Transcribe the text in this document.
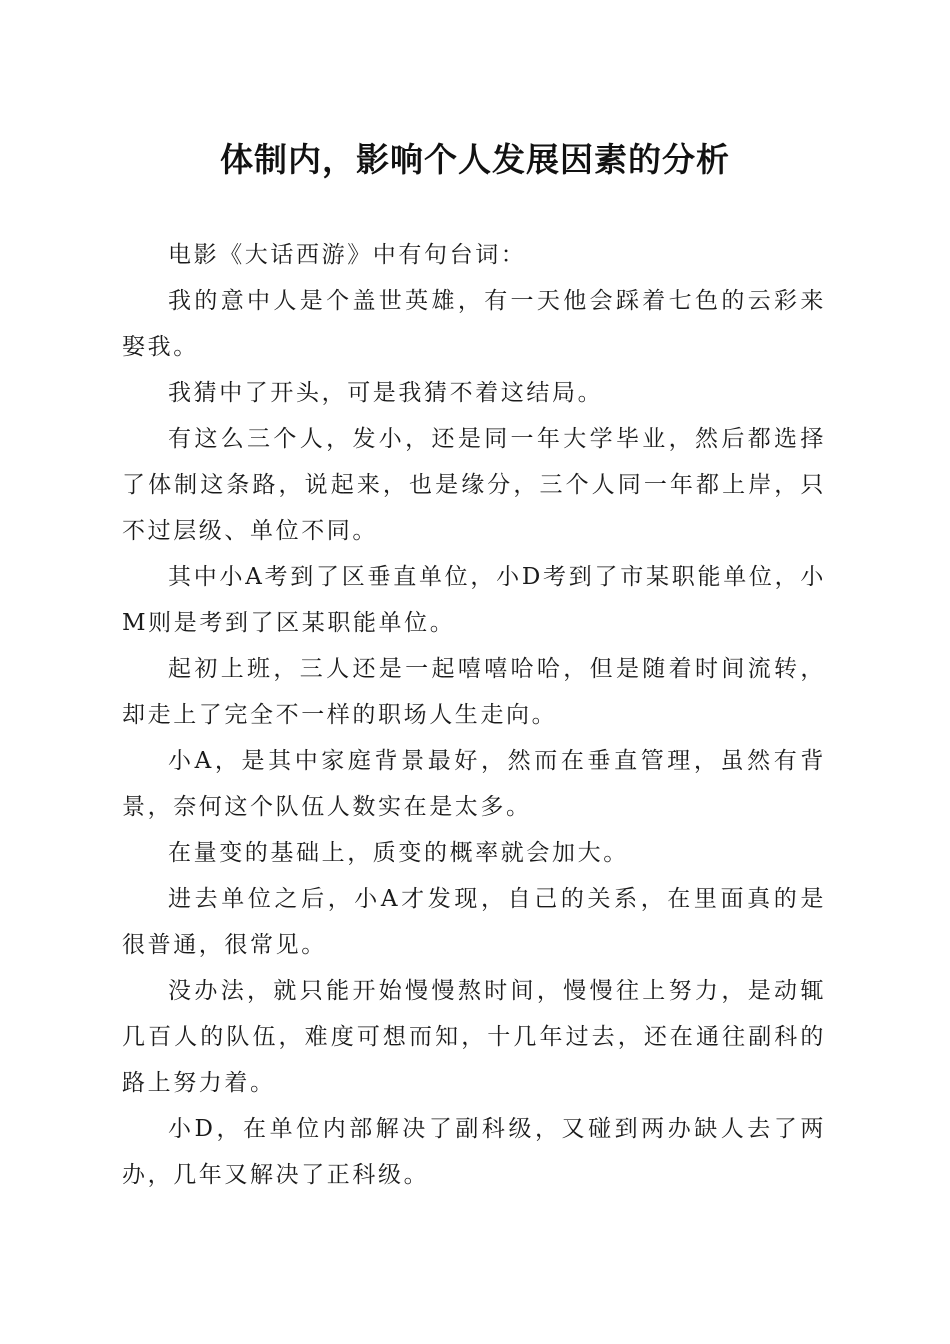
体制内，影响个人发展因素的分析

电影《大话西游》中有句台词：

我的意中人是个盖世英雄，有一天他会踩着七色的云彩来娶我。

我猜中了开头，可是我猜不着这结局。

有这么三个人，发小，还是同一年大学毕业，然后都选择了体制这条路，说起来，也是缘分，三个人同一年都上岸，只不过层级、单位不同。

其中小A考到了区垂直单位，小D考到了市某职能单位，小M则是考到了区某职能单位。

起初上班，三人还是一起嘻嘻哈哈，但是随着时间流转，却走上了完全不一样的职场人生走向。

小A，是其中家庭背景最好，然而在垂直管理，虽然有背景，奈何这个队伍人数实在是太多。

在量变的基础上，质变的概率就会加大。

进去单位之后，小A才发现，自己的关系，在里面真的是很普通，很常见。

没办法，就只能开始慢慢熬时间，慢慢往上努力，是动辄几百人的队伍，难度可想而知，十几年过去，还在通往副科的路上努力着。

小D，在单位内部解决了副科级，又碰到两办缺人去了两办，几年又解决了正科级。
